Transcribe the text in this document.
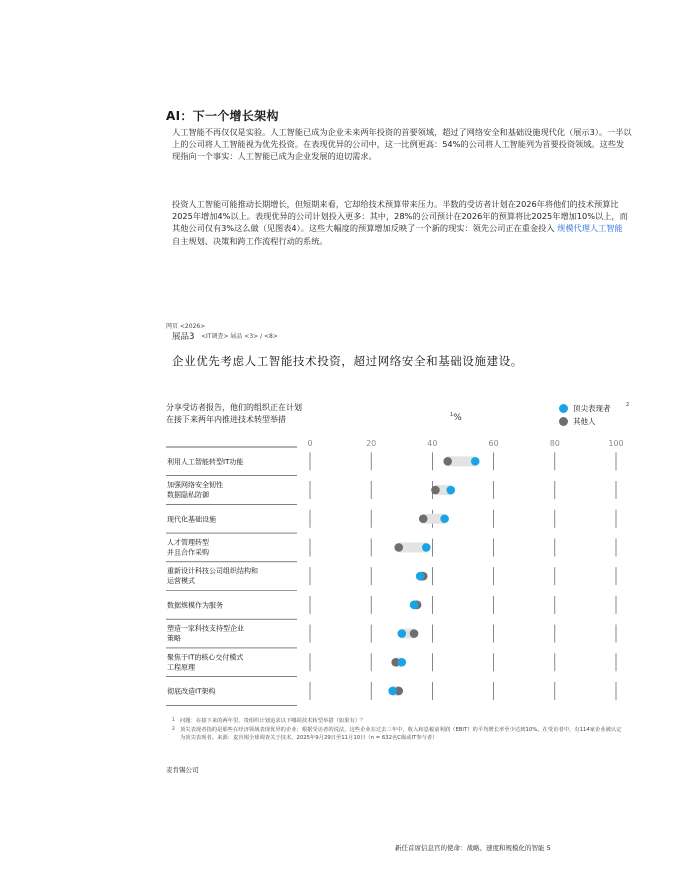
AI：下一个增长架构
人工智能不再仅仅是实验。人工智能已成为企业未来两年投资的首要领域，超过了网络安全和基础设施现代化（展示3）。一半以上的公司将人工智能视为优先投资。在表现优异的公司中，这一比例更高：54%的公司将人工智能列为首要投资领域。这些发现指向一个事实：人工智能已成为企业发展的迫切需求。
投资人工智能可能推动长期增长，但短期来看，它却给技术预算带来压力。半数的受访者计划在2026年将他们的技术预算比2025年增加4%以上。表现优异的公司计划投入更多：其中，28%的公司预计在2026年的预算将比2025年增加10%以上，而其他公司仅有3%这么做（见图表4）。这些大幅度的预算增加反映了一个新的现实：领先公司正在重金投入 规模代理人工智能 自主规划、决策和跨工作流程行动的系统。
网页 <2026>
展品3 <IT调查> 展品 <3> / <8>
企业优先考虑人工智能技术投资，超过网络安全和基础设施建设。
分享受访者报告，他们的组织正在计划
在接下来两年内推进技术转型举措	$^1$%
顶尖表现者
其他人
2
0	20	40	60	80	100
利用人工智能转型IT功能
加强网络安全韧性数据隐私防御
现代化基础设施
人才管理转型并且合作采购
重新设计科技公司组织结构和运营模式
数据规模作为服务
塑造一家科技支持型企业策略
聚焦于IT的核心交付模式工程原理
彻底改造IT架构
1 问题：在接下来的两年里，贵组织计划追求以下哪项技术转型举措（如果有）？
2 顶尖表现者指的是那些在经济领域表现优异的企业：根据受访者的说法，这些企业在过去三年中，收入和息税前利润（EBIT）的平均增长率至少达到10%。在受访者中，有114家企业被认定为顶尖表现者。来源：麦肯锡全球调查关于技术，2025年9月29日至11月10日（n = 632名C级或IT参与者）
麦肯锡公司
新任首席信息官的使命：战略、速度和规模化的智能 5
